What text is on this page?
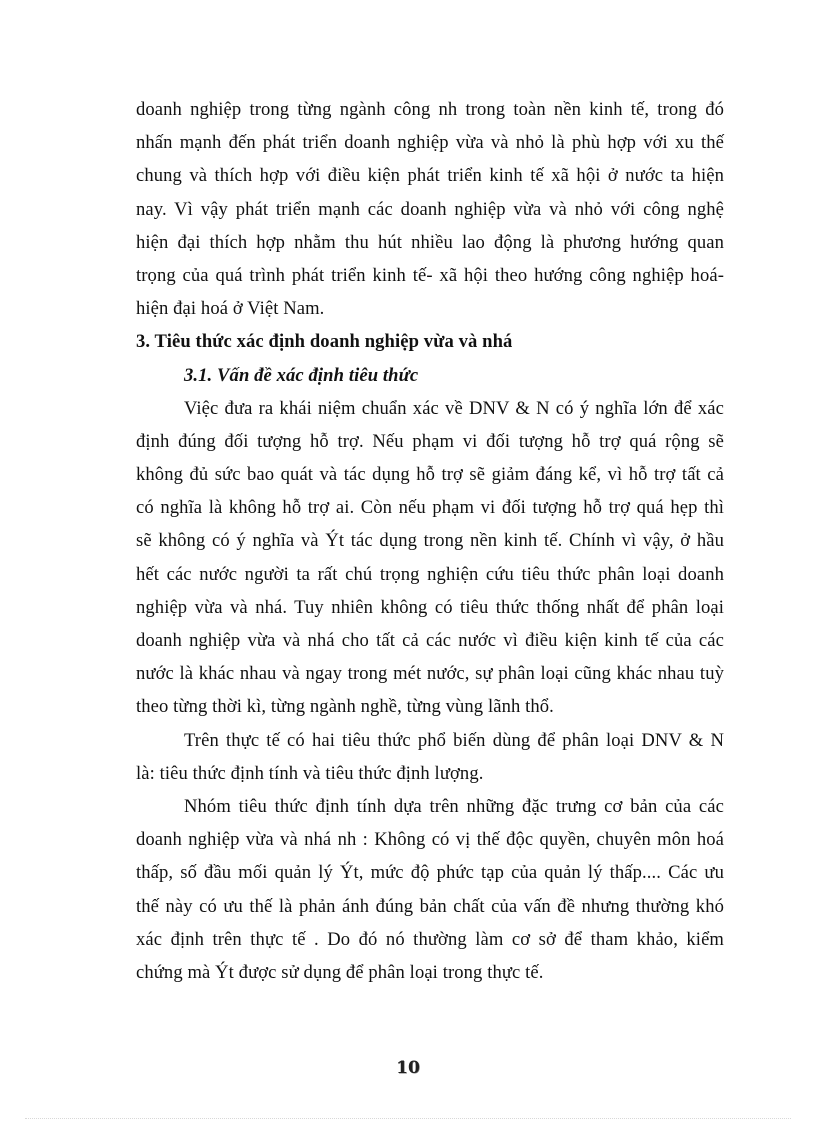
doanh nghiệp trong từng ngành công nh trong toàn nền kinh tế, trong đó
nhấn mạnh đến phát triển doanh nghiệp vừa và nhỏ là phù hợp với xu thế
chung và thích hợp với điều kiện phát triển kinh tế xã hội ở nước ta hiện
nay. Vì vậy phát triển mạnh các doanh nghiệp vừa và nhỏ với công nghệ
hiện đại thích hợp nhằm thu hút nhiều lao động là phương hướng quan
trọng của quá trình phát triển kinh tế- xã hội theo hướng công nghiệp hoá-
hiện đại hoá ở Việt Nam.
3. Tiêu thức xác định doanh nghiệp vừa và nhá
3.1. Vấn đề xác định tiêu thức
Việc đưa ra khái niệm chuẩn xác về DNV & N có ý nghĩa lớn để xác
định đúng đối tượng hỗ trợ. Nếu phạm vi đối tượng hỗ trợ quá rộng sẽ
không đủ sức bao quát và tác dụng hỗ trợ sẽ giảm đáng kể, vì hỗ trợ tất cả
có nghĩa là không hỗ trợ ai. Còn nếu phạm vi đối tượng hỗ trợ quá hẹp thì
sẽ không có ý nghĩa và Ýt tác dụng trong nền kinh tế. Chính vì vậy, ở hầu
hết các nước người ta rất chú trọng nghiện cứu tiêu thức phân loại doanh
nghiệp vừa và nhá. Tuy nhiên không có tiêu thức thống nhất để phân loại
doanh nghiệp vừa và nhá cho tất cả các nước vì điều kiện kinh tế của các
nước là khác nhau và ngay trong mét nước, sự phân loại cũng khác nhau tuỳ
theo từng thời kì, từng ngành nghề, từng vùng lãnh thổ.
Trên thực tế có hai tiêu thức phổ biến dùng để phân loại DNV & N
là: tiêu thức định tính và tiêu thức định lượng.
Nhóm tiêu thức định tính dựa trên những đặc trưng cơ bản của các
doanh nghiệp vừa và nhá nh : Không có vị thế độc quyền, chuyên môn hoá
thấp, số đầu mối quản lý Ýt, mức độ phức tạp của quản lý thấp.... Các ưu
thế này có ưu thế là phản ánh đúng bản chất của vấn đề nhưng thường khó
xác định trên thực tế . Do đó nó thường làm cơ sở để tham khảo, kiểm
chứng mà Ýt được sử dụng để phân loại trong thực tế.
10
